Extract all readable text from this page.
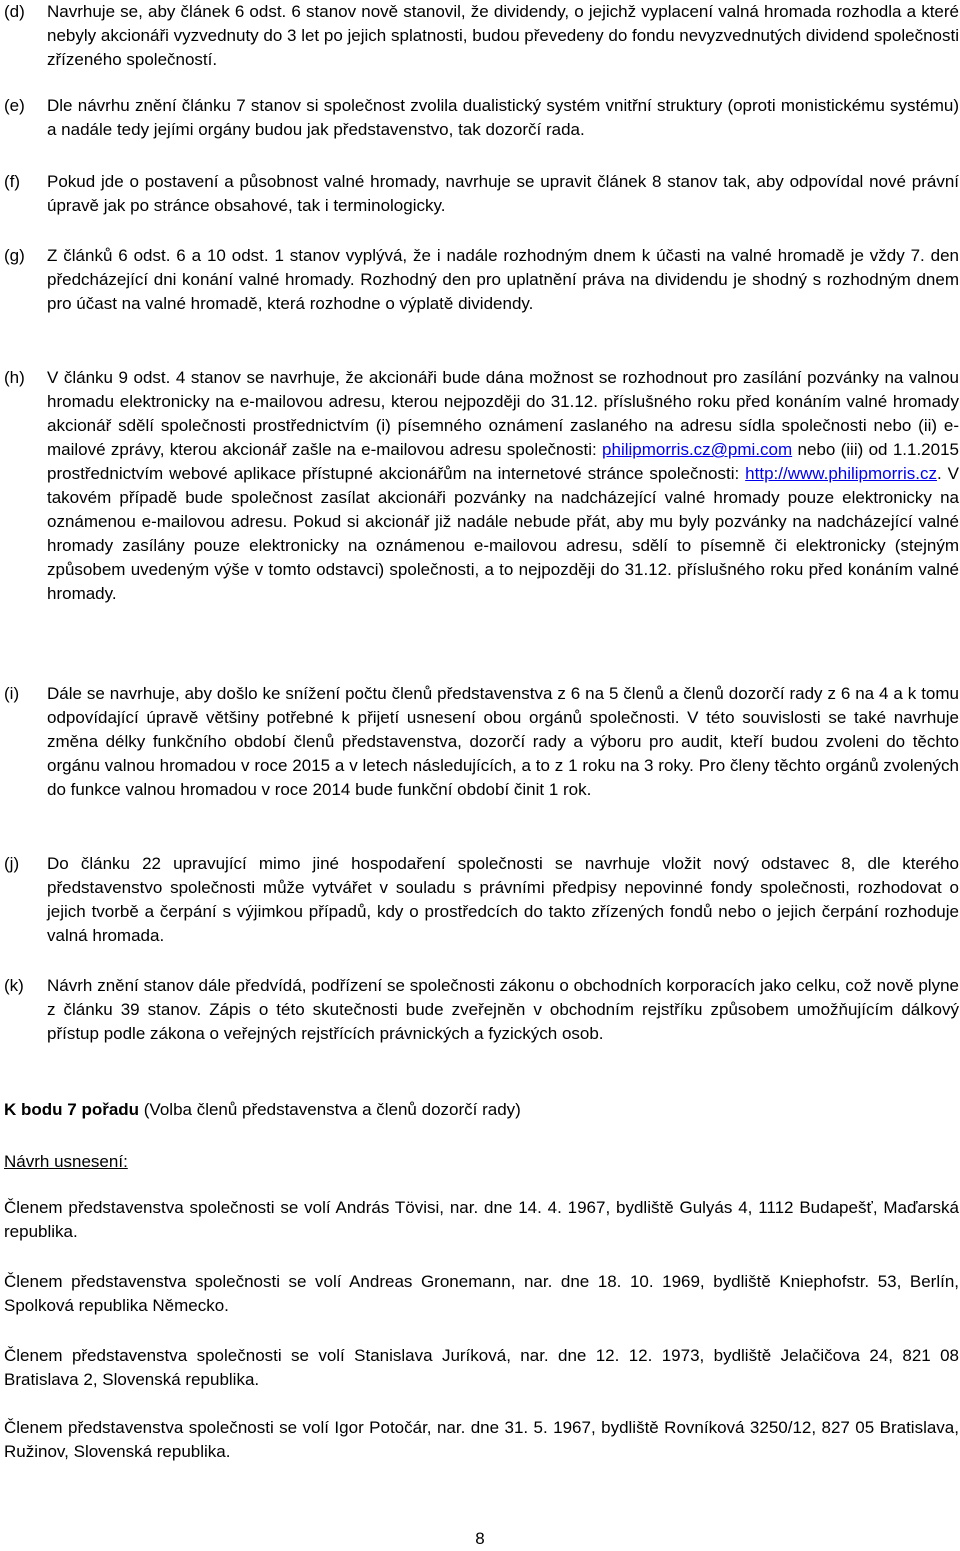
(d) Navrhuje se, aby článek 6 odst. 6 stanov nově stanovil, že dividendy, o jejichž vyplacení valná hromada rozhodla a které nebyly akcionáři vyzvednuty do 3 let po jejich splatnosti, budou převedeny do fondu nevyzvednutých dividend společnosti zřízeného společností.

(e) Dle návrhu znění článku 7 stanov si společnost zvolila dualistický systém vnitřní struktury (oproti monistickému systému) a nadále tedy jejími orgány budou jak představenstvo, tak dozorčí rada.

(f) Pokud jde o postavení a působnost valné hromady, navrhuje se upravit článek 8 stanov tak, aby odpovídal nové právní úpravě jak po stránce obsahové, tak i terminologicky.

(g) Z článků 6 odst. 6 a 10 odst. 1 stanov vyplývá, že i nadále rozhodným dnem k účasti na valné hromadě je vždy 7. den předcházející dni konání valné hromady. Rozhodný den pro uplatnění práva na dividendu je shodný s rozhodným dnem pro účast na valné hromadě, která rozhodne o výplatě dividendy.

(h) V článku 9 odst. 4 stanov se navrhuje, že akcionáři bude dána možnost se rozhodnout pro zasílání pozvánky na valnou hromadu elektronicky na e-mailovou adresu, kterou nejpozději do 31.12. příslušného roku před konáním valné hromady akcionář sdělí společnosti prostřednictvím (i) písemného oznámení zaslaného na adresu sídla společnosti nebo (ii) e-mailové zprávy, kterou akcionář zašle na e-mailovou adresu společnosti: philipmorris.cz@pmi.com nebo (iii) od 1.1.2015 prostřednictvím webové aplikace přístupné akcionářům na internetové stránce společnosti: http://www.philipmorris.cz. V takovém případě bude společnost zasílat akcionáři pozvánky na nadcházející valné hromady pouze elektronicky na oznámenou e-mailovou adresu. Pokud si akcionář již nadále nebude přát, aby mu byly pozvánky na nadcházející valné hromady zasílány pouze elektronicky na oznámenou e-mailovou adresu, sdělí to písemně či elektronicky (stejným způsobem uvedeným výše v tomto odstavci) společnosti, a to nejpozději do 31.12. příslušného roku před konáním valné hromady.

(i) Dále se navrhuje, aby došlo ke snížení počtu členů představenstva z 6 na 5 členů a členů dozorčí rady z 6 na 4 a k tomu odpovídající úpravě většiny potřebné k přijetí usnesení obou orgánů společnosti. V této souvislosti se také navrhuje změna délky funkčního období členů představenstva, dozorčí rady a výboru pro audit, kteří budou zvoleni do těchto orgánu valnou hromadou v roce 2015 a v letech následujících, a to z 1 roku na 3 roky. Pro členy těchto orgánů zvolených do funkce valnou hromadou v roce 2014 bude funkční období činit 1 rok.

(j) Do článku 22 upravující mimo jiné hospodaření společnosti se navrhuje vložit nový odstavec 8, dle kterého představenstvo společnosti může vytvářet v souladu s právními předpisy nepovinné fondy společnosti, rozhodovat o jejich tvorbě a čerpání s výjimkou případů, kdy o prostředcích do takto zřízených fondů nebo o jejich čerpání rozhoduje valná hromada.

(k) Návrh znění stanov dále předvídá, podřízení se společnosti zákonu o obchodních korporacích jako celku, což nově plyne z článku 39 stanov. Zápis o této skutečnosti bude zveřejněn v obchodním rejstříku způsobem umožňujícím dálkový přístup podle zákona o veřejných rejstřících právnických a fyzických osob.

K bodu 7 pořadu (Volba členů představenstva a členů dozorčí rady)

Návrh usnesení:

Členem představenstva společnosti se volí András Tövisi, nar. dne 14. 4. 1967, bydliště Gulyás 4, 1112 Budapešť, Maďarská republika.

Členem představenstva společnosti se volí Andreas Gronemann, nar. dne 18. 10. 1969, bydliště Kniephofstr. 53, Berlín, Spolková republika Německo.

Členem představenstva společnosti se volí Stanislava Juríková, nar. dne 12. 12. 1973, bydliště Jelačičova 24, 821 08 Bratislava 2, Slovenská republika.

Členem představenstva společnosti se volí Igor Potočár, nar. dne 31. 5. 1967, bydliště Rovníková 3250/12, 827 05 Bratislava, Ružinov, Slovenská republika.

8
